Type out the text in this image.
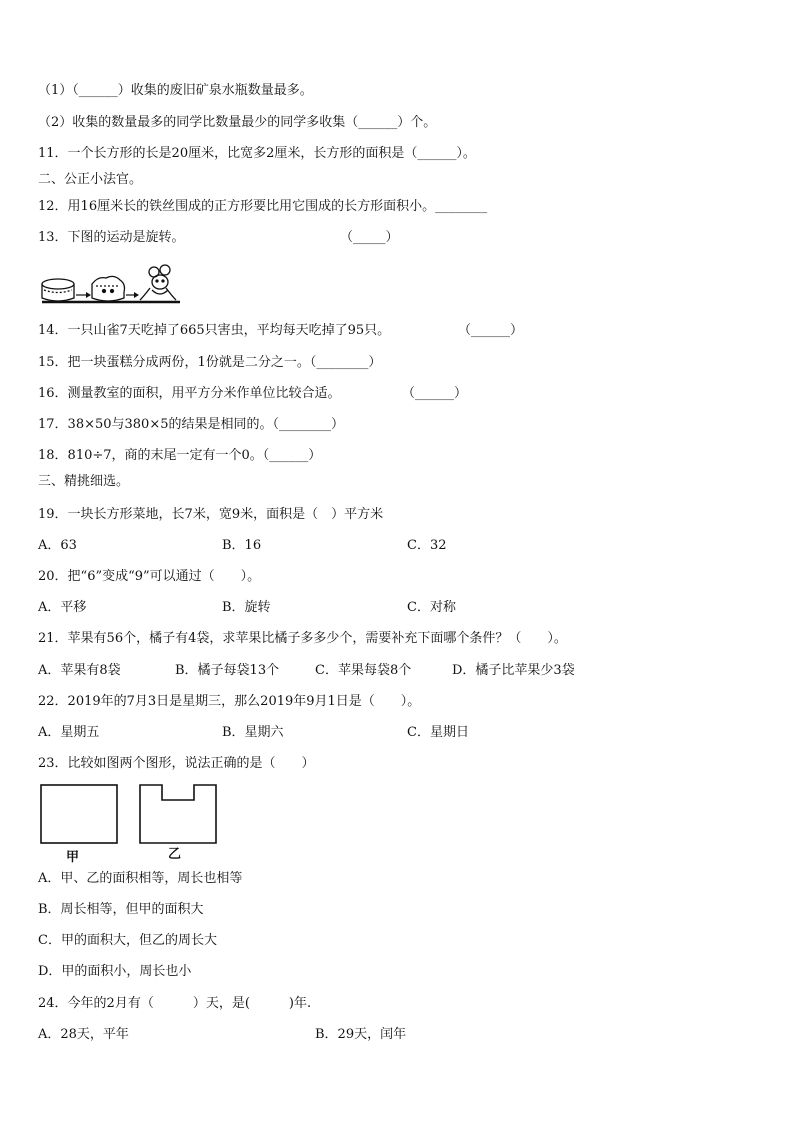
（1）（______）收集的废旧矿泉水瓶数量最多。
（2）收集的数量最多的同学比数量最少的同学多收集（______）个。
11．一个长方形的长是20厘米，比宽多2厘米，长方形的面积是（______）。
二、公正小法官。
12．用16厘米长的铁丝围成的正方形要比用它围成的长方形面积小。________
13．下图的运动是旋转。	（_____）
14．一只山雀7天吃掉了665只害虫，平均每天吃掉了95只。	（______）
15．把一块蛋糕分成两份，1份就是二分之一。（________）
16．测量教室的面积，用平方分米作单位比较合适。	（______）
17．38×50与380×5的结果是相同的。（________）
18．810÷7，商的末尾一定有一个0。（______）
三、精挑细选。
19．一块长方形菜地，长7米，宽9米，面积是（　）平方米
A．63	B．16	C．32
20．把“6”变成“9”可以通过（　　）。
A．平移	B．旋转	C．对称
21．苹果有56个，橘子有4袋，求苹果比橘子多多少个，需要补充下面哪个条件？（　　）。
A．苹果有8袋	B．橘子每袋13个	C．苹果每袋8个	D．橘子比苹果少3袋
22．2019年的7月3日是星期三，那么2019年9月1日是（　　）。
A．星期五	B．星期六	C．星期日
23．比较如图两个图形，说法正确的是（　　）
甲	乙
A．甲、乙的面积相等，周长也相等
B．周长相等，但甲的面积大
C．甲的面积大，但乙的周长大
D．甲的面积小，周长也小
24．今年的2月有（　　　）天，是(　　　)年.
A．28天，平年	B．29天，闰年
